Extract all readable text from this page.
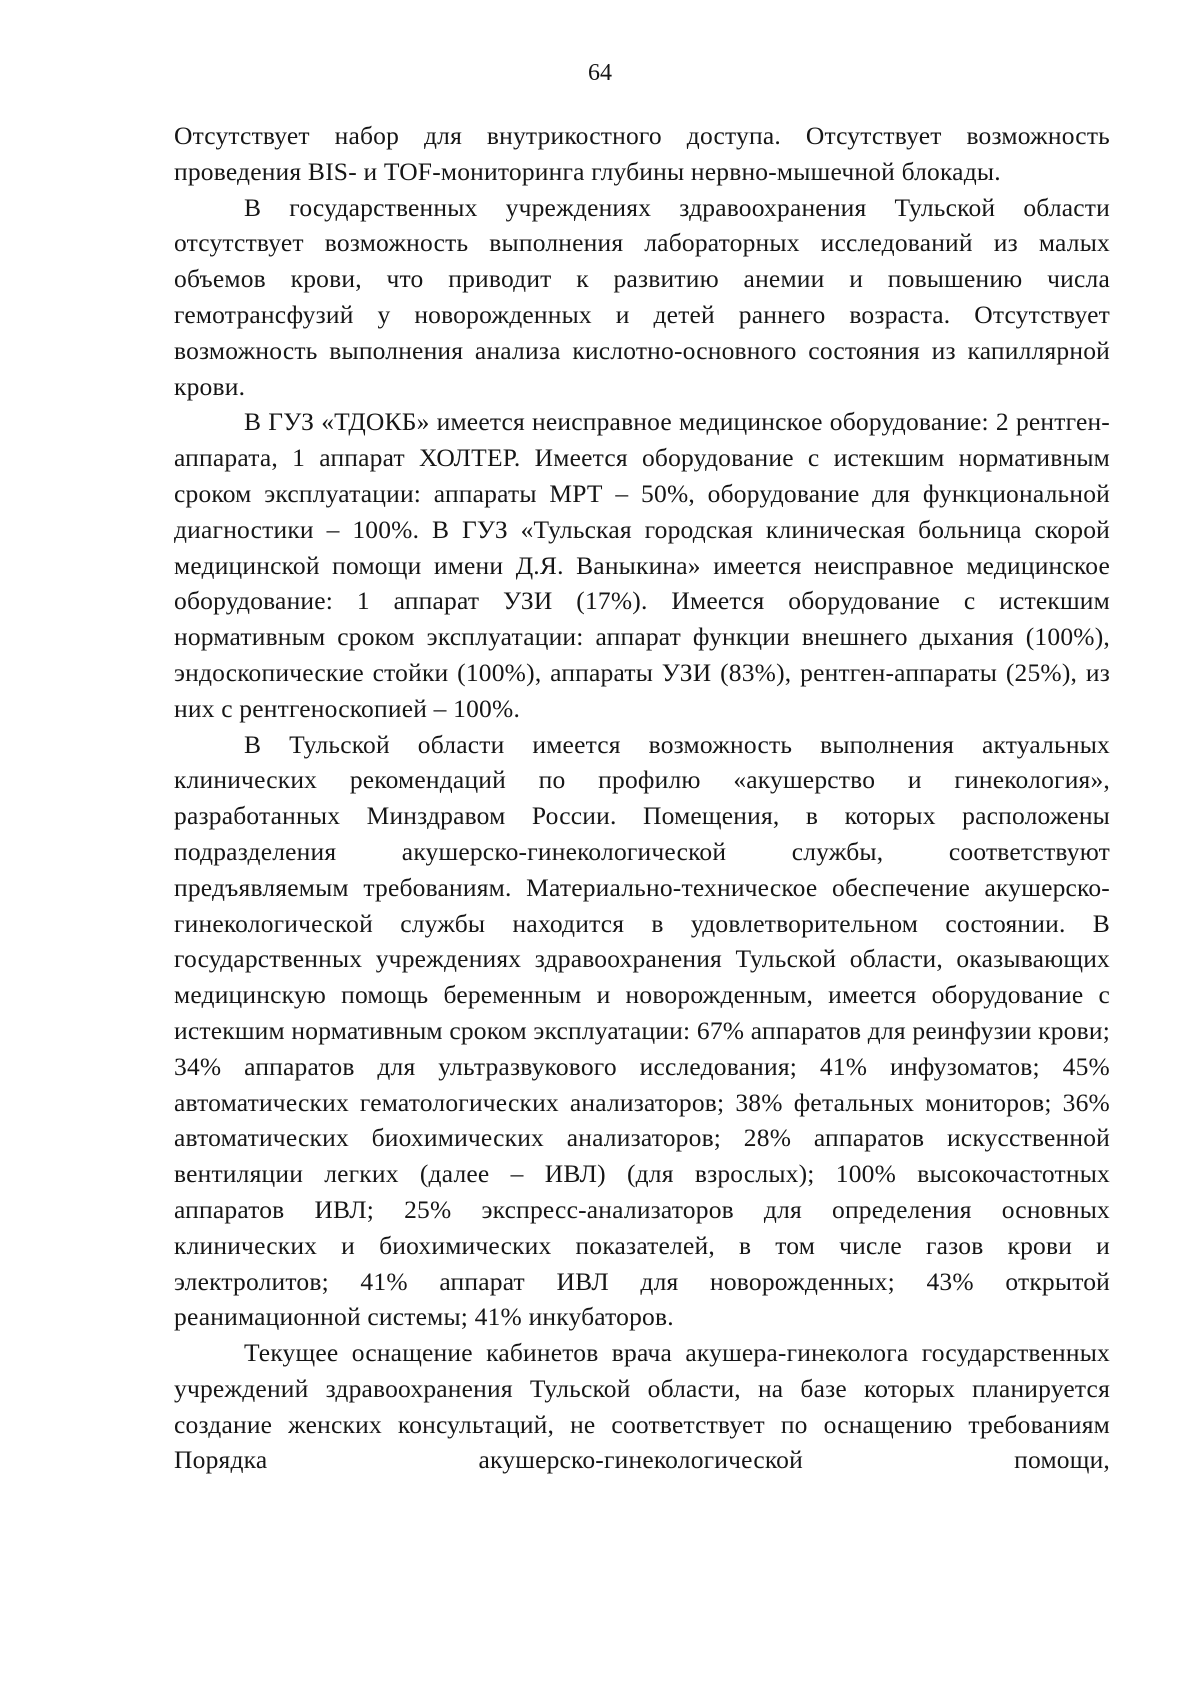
64

Отсутствует набор для внутрикостного доступа. Отсутствует возможность проведения BIS- и TOF-мониторинга глубины нервно-мышечной блокады.

В государственных учреждениях здравоохранения Тульской области отсутствует возможность выполнения лабораторных исследований из малых объемов крови, что приводит к развитию анемии и повышению числа гемотрансфузий у новорожденных и детей раннего возраста. Отсутствует возможность выполнения анализа кислотно-основного состояния из капиллярной крови.

В ГУЗ «ТДОКБ» имеется неисправное медицинское оборудование: 2 рентген-аппарата, 1 аппарат ХОЛТЕР. Имеется оборудование с истекшим нормативным сроком эксплуатации: аппараты МРТ – 50%, оборудование для функциональной диагностики – 100%. В ГУЗ «Тульская городская клиническая больница скорой медицинской помощи имени Д.Я. Ваныкина» имеется неисправное медицинское оборудование: 1 аппарат УЗИ (17%). Имеется оборудование с истекшим нормативным сроком эксплуатации: аппарат функции внешнего дыхания (100%), эндоскопические стойки (100%), аппараты УЗИ (83%), рентген-аппараты (25%), из них с рентгеноскопией – 100%.

В Тульской области имеется возможность выполнения актуальных клинических рекомендаций по профилю «акушерство и гинекология», разработанных Минздравом России. Помещения, в которых расположены подразделения акушерско-гинекологической службы, соответствуют предъявляемым требованиям. Материально-техническое обеспечение акушерско-гинекологической службы находится в удовлетворительном состоянии. В государственных учреждениях здравоохранения Тульской области, оказывающих медицинскую помощь беременным и новорожденным, имеется оборудование с истекшим нормативным сроком эксплуатации: 67% аппаратов для реинфузии крови; 34% аппаратов для ультразвукового исследования; 41% инфузоматов; 45% автоматических гематологических анализаторов; 38% фетальных мониторов; 36% автоматических биохимических анализаторов; 28% аппаратов искусственной вентиляции легких (далее – ИВЛ) (для взрослых); 100% высокочастотных аппаратов ИВЛ; 25% экспресс-анализаторов для определения основных клинических и биохимических показателей, в том числе газов крови и электролитов; 41% аппарат ИВЛ для новорожденных; 43% открытой реанимационной системы; 41% инкубаторов.

Текущее оснащение кабинетов врача акушера-гинеколога государственных учреждений здравоохранения Тульской области, на базе которых планируется создание женских консультаций, не соответствует по оснащению требованиям Порядка акушерско-гинекологической помощи,
